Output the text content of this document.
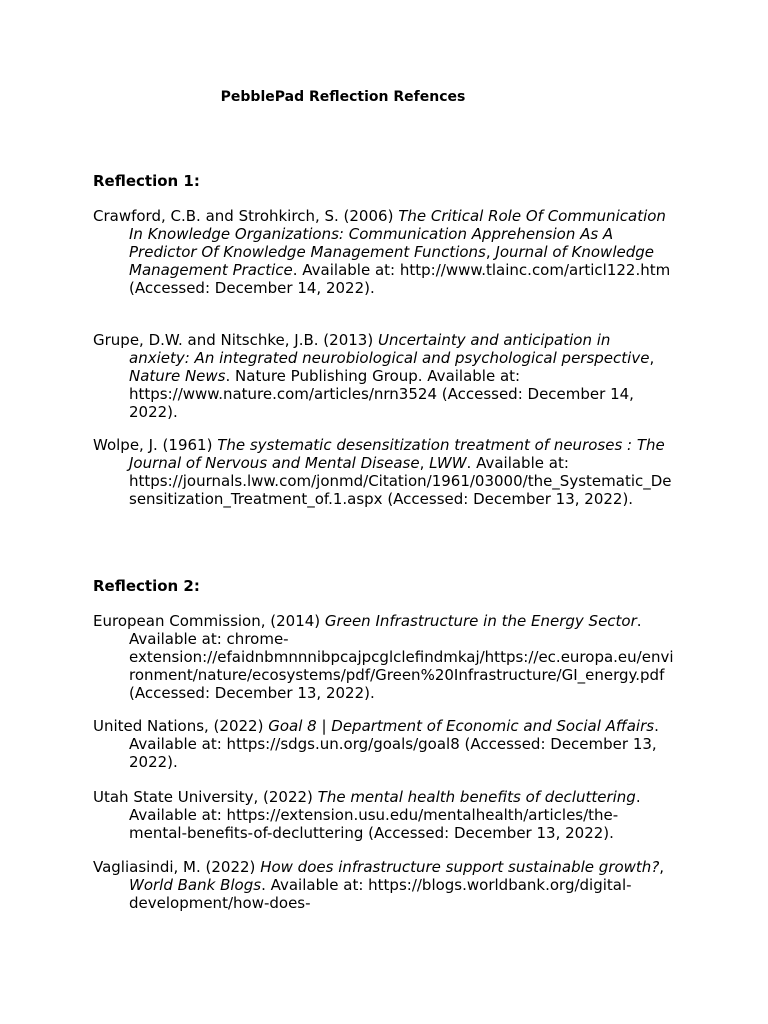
PebblePad Reflection Refences
Reflection 1:
Crawford, C.B. and Strohkirch, S. (2006) The Critical Role Of Communication In Knowledge Organizations: Communication Apprehension As A Predictor Of Knowledge Management Functions, Journal of Knowledge Management Practice. Available at: http://www.tlainc.com/articl122.htm (Accessed: December 14, 2022).
Grupe, D.W. and Nitschke, J.B. (2013) Uncertainty and anticipation in anxiety: An integrated neurobiological and psychological perspective, Nature News. Nature Publishing Group. Available at: https://www.nature.com/articles/nrn3524 (Accessed: December 14, 2022).
Wolpe, J. (1961) The systematic desensitization treatment of neuroses : The Journal of Nervous and Mental Disease, LWW. Available at: https://journals.lww.com/jonmd/Citation/1961/03000/the_Systematic_Desensitization_Treatment_of.1.aspx (Accessed: December 13, 2022).
Reflection 2:
European Commission, (2014) Green Infrastructure in the Energy Sector. Available at: chrome-extension://efaidnbmnnnibpcajpcglclefindmkaj/https://ec.europa.eu/environment/nature/ecosystems/pdf/Green%20Infrastructure/GI_energy.pdf (Accessed: December 13, 2022).
United Nations, (2022) Goal 8 | Department of Economic and Social Affairs. Available at: https://sdgs.un.org/goals/goal8 (Accessed: December 13, 2022).
Utah State University, (2022) The mental health benefits of decluttering. Available at: https://extension.usu.edu/mentalhealth/articles/the-mental-benefits-of-decluttering (Accessed: December 13, 2022).
Vagliasindi, M. (2022) How does infrastructure support sustainable growth?, World Bank Blogs. Available at: https://blogs.worldbank.org/digital-development/how-does-
